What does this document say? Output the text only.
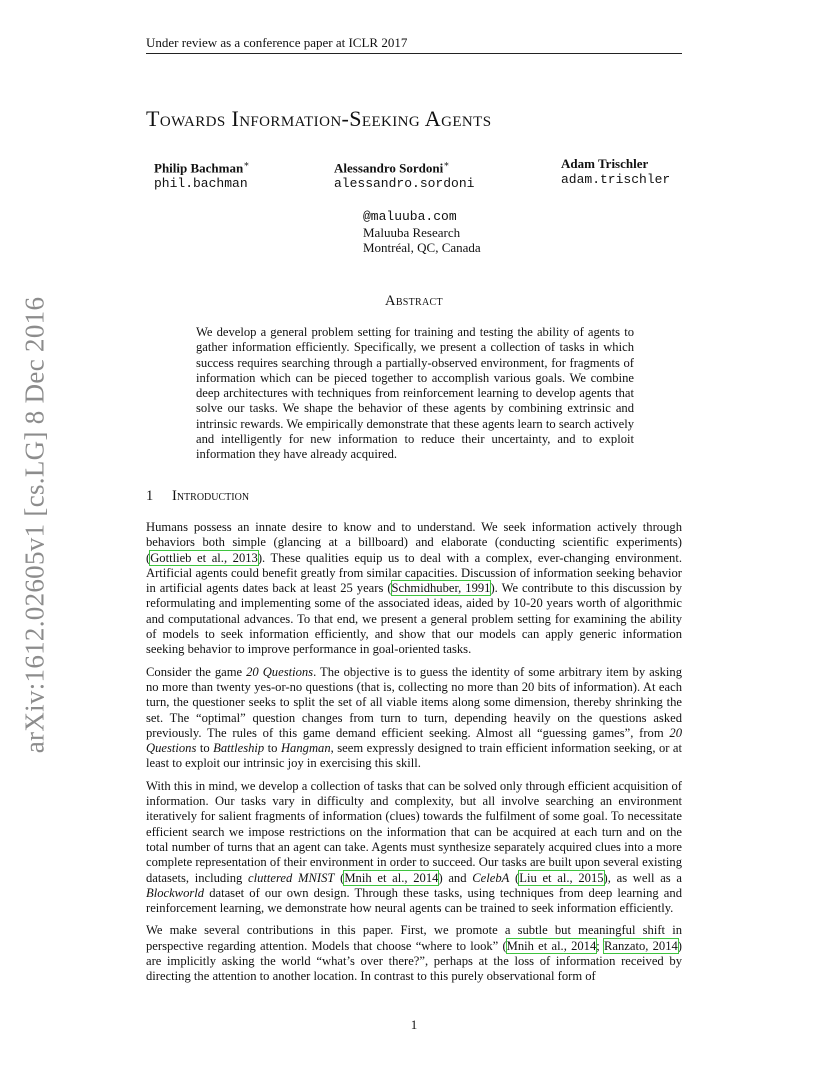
Under review as a conference paper at ICLR 2017
arXiv:1612.02605v1 [cs.LG] 8 Dec 2016
Towards Information-Seeking Agents
Philip Bachman∗
phil.bachman
Alessandro Sordoni∗
alessandro.sordoni
Adam Trischler
adam.trischler
@maluuba.com
Maluuba Research
Montréal, QC, Canada
Abstract
We develop a general problem setting for training and testing the ability of agents to gather information efficiently. Specifically, we present a collection of tasks in which success requires searching through a partially-observed environment, for fragments of information which can be pieced together to accomplish various goals. We combine deep architectures with techniques from reinforcement learning to develop agents that solve our tasks. We shape the behavior of these agents by combining extrinsic and intrinsic rewards. We empirically demonstrate that these agents learn to search actively and intelligently for new information to reduce their uncertainty, and to exploit information they have already acquired.
1 Introduction

Humans possess an innate desire to know and to understand. We seek information actively through behaviors both simple (glancing at a billboard) and elaborate (conducting scientific experiments) (Gottlieb et al., 2013). These qualities equip us to deal with a complex, ever-changing environment. Artificial agents could benefit greatly from similar capacities. Discussion of information seeking behavior in artificial agents dates back at least 25 years (Schmidhuber, 1991). We contribute to this discussion by reformulating and implementing some of the associated ideas, aided by 10-20 years worth of algorithmic and computational advances. To that end, we present a general problem setting for examining the ability of models to seek information efficiently, and show that our models can apply generic information seeking behavior to improve performance in goal-oriented tasks.

Consider the game 20 Questions. The objective is to guess the identity of some arbitrary item by asking no more than twenty yes-or-no questions (that is, collecting no more than 20 bits of information). At each turn, the questioner seeks to split the set of all viable items along some dimension, thereby shrinking the set. The “optimal” question changes from turn to turn, depending heavily on the questions asked previously. The rules of this game demand efficient seeking. Almost all “guessing games”, from 20 Questions to Battleship to Hangman, seem expressly designed to train efficient information seeking, or at least to exploit our intrinsic joy in exercising this skill.

With this in mind, we develop a collection of tasks that can be solved only through efficient acquisition of information. Our tasks vary in difficulty and complexity, but all involve searching an environment iteratively for salient fragments of information (clues) towards the fulfilment of some goal. To necessitate efficient search we impose restrictions on the information that can be acquired at each turn and on the total number of turns that an agent can take. Agents must synthesize separately acquired clues into a more complete representation of their environment in order to succeed. Our tasks are built upon several existing datasets, including cluttered MNIST (Mnih et al., 2014) and CelebA (Liu et al., 2015), as well as a Blockworld dataset of our own design. Through these tasks, using techniques from deep learning and reinforcement learning, we demonstrate how neural agents can be trained to seek information efficiently.

We make several contributions in this paper. First, we promote a subtle but meaningful shift in perspective regarding attention. Models that choose “where to look” (Mnih et al., 2014; Ranzato, 2014) are implicitly asking the world “what’s over there?”, perhaps at the loss of information received by directing the attention to another location. In contrast to this purely observational form of

1
